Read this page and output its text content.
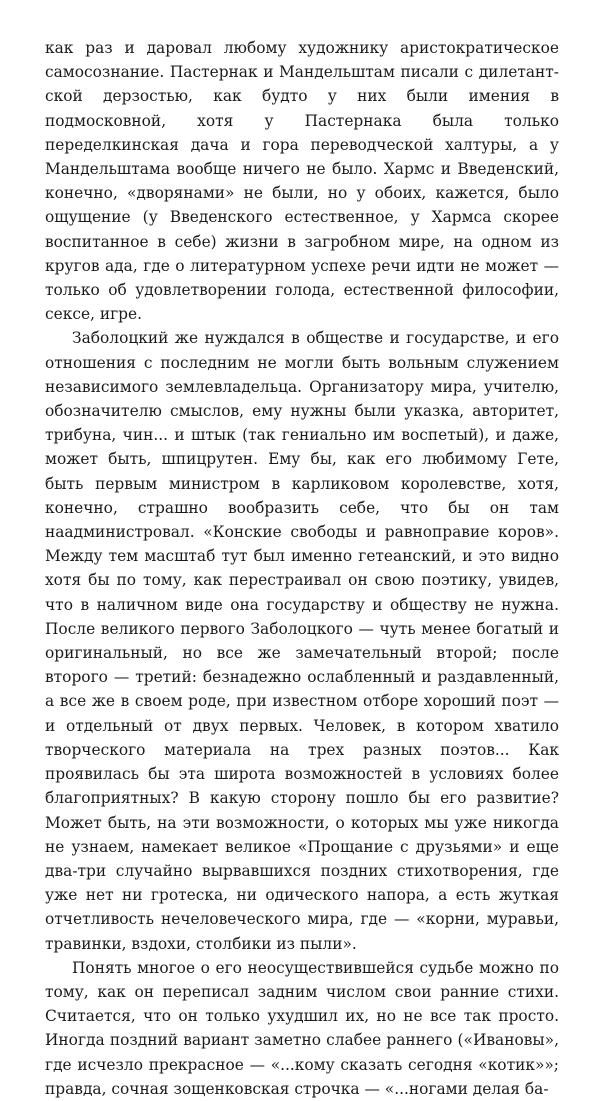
как раз и даровал любому художнику аристократическое самосознание. Пастернак и Мандельштам писали с дилетантской дерзостью, как будто у них были имения в подмосковной, хотя у Пастернака была только переделкинская дача и гора переводческой халтуры, а у Мандельштама вообще ничего не было. Хармс и Введенский, конечно, «дворянами» не были, но у обоих, кажется, было ощущение (у Введенского естественное, у Хармса скорее воспитанное в себе) жизни в загробном мире, на одном из кругов ада, где о литературном успехе речи идти не может — только об удовлетворении голода, естественной философии, сексе, игре.

Заболоцкий же нуждался в обществе и государстве, и его отношения с последним не могли быть вольным служением независимого землевладельца. Организатору мира, учителю, обозначителю смыслов, ему нужны были указка, авторитет, трибуна, чин... и штык (так гениально им воспетый), и даже, может быть, шпицрутен. Ему бы, как его любимому Гете, быть первым министром в карликовом королевстве, хотя, конечно, страшно вообразить себе, что бы он там наадминистровал. «Конские свободы и равноправие коров». Между тем масштаб тут был именно гетеанский, и это видно хотя бы по тому, как перестраивал он свою поэтику, увидев, что в наличном виде она государству и обществу не нужна. После великого первого Заболоцкого — чуть менее богатый и оригинальный, но все же замечательный второй; после второго — третий: безнадежно ослабленный и раздавленный, а все же в своем роде, при известном отборе хороший поэт — и отдельный от двух первых. Человек, в котором хватило творческого материала на трех разных поэтов... Как проявилась бы эта широта возможностей в условиях более благоприятных? В какую сторону пошло бы его развитие? Может быть, на эти возможности, о которых мы уже никогда не узнаем, намекает великое «Прощание с друзьями» и еще два-три случайно вырвавшихся поздних стихотворения, где уже нет ни гротеска, ни одического напора, а есть жуткая отчетливость нечеловеческого мира, где — «корни, муравьи, травинки, вздохи, столбики из пыли».

Понять многое о его неосуществившейся судьбе можно по тому, как он переписал задним числом свои ранние стихи. Считается, что он только ухудшил их, но не все так просто. Иногда поздний вариант заметно слабее раннего («Ивановы», где исчезло прекрасное — «...кому сказать сегодня «котик»»; правда, сочная зощенковская строчка — «...ногами делая ба-
